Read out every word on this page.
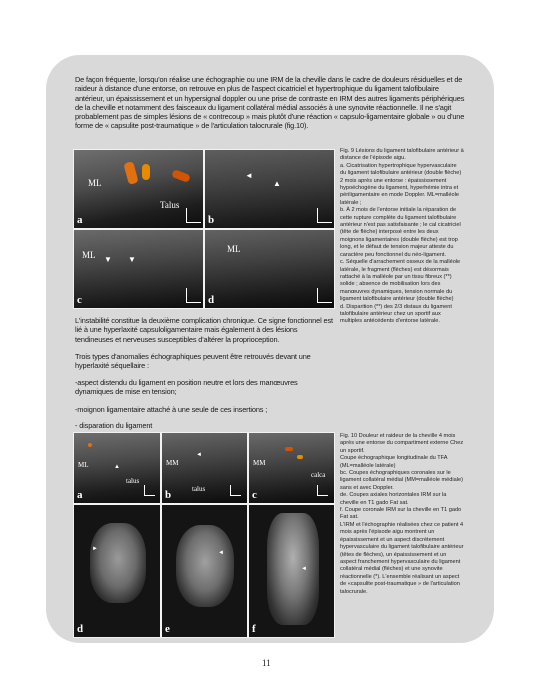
De façon fréquente, lorsqu'on réalise une échographie ou une IRM de la cheville dans le cadre de douleurs résiduelles et de raideur à distance d'une entorse, on retrouve en plus de l'aspect cicatriciel et hypertrophique du ligament talofibulaire antérieur, un épaississement et un hypersignal doppler ou une prise de contraste en IRM des autres ligaments périphériques de la cheville et notamment des faisceaux du ligament collatéral médial associés à une synovite réactionnelle. Il ne s'agit probablement pas de simples lésions de « contrecoup » mais plutôt d'une réaction « capsulo-ligamentaire globale » ou d'une forme de « capsulite post-traumatique » de l'articulation talocrurale (fig.10).

ML
Talus
a
◄
▲
b
ML ▼ ▼
c
ML
d

Fig. 9 Lésions du ligament talofibulaire antérieur à distance de l'épisode aigu.

a. Cicatrisation hypertrophique hypervasculaire du ligament talofibulaire antérieur (double flèche) 2 mois après une entorse : épaississement hypoéchogène du ligament, hyperhémie intra et périligamentaire en mode Doppler. ML=malléole latérale ;

b. À 2 mois de l'entorse initiale la réparation de cette rupture complète du ligament talofibulaire antérieur n'est pas satisfaisante ; le cal cicatriciel (tête de flèche) interposé entre les deux moignons ligamentaires (double flèche) est trop long, et le défaut de tension majeur atteste du caractère peu fonctionnel du néo-ligament.

c. Séquelle d'arrachement osseux de la malléole latérale, le fragment (flèches) est désormais rattaché à la malléole par un tissu fibreux (**) solide ; absence de mobilisation lors des manœuvres dynamiques, tension normale du ligament talofibulaire antérieur (double flèche)

d. Disparition (**) des 2/3 distaux du ligament talofibulaire antérieur chez un sportif aux multiples antécédents d'entorse latérale.

L'instabilité constitue la deuxième complication chronique. Ce signe fonctionnel est lié à une hyperlaxité capsuloligamentaire mais également à des lésions tendineuses et nerveuses susceptibles d'altérer la proprioception.

Trois types d'anomalies échographiques peuvent être retrouvés devant une hyperlaxité séquellaire :

-aspect distendu du ligament en position neutre et lors des manœuvres dynamiques de mise en tension;

-moignon ligamentaire attaché à une seule de ces insertions ;

- disparation du ligament

ML
talus
▲
a
MM
talus
◄
b
MM
calca
c
►
d
◄
e
◄
f

Fig. 10 Douleur et raideur de la cheville 4 mois après une entorse du compartiment externe Chez un sportif.

Coupe échographique longitudinale du TFA (ML=malléole latérale)

bc. Coupes échographiques coronales sur le ligament collatéral médial (MM=malléole médiale) sans et avec Doppler.

de. Coupes axiales horizontales IRM sur la cheville en T1 gado Fat sat.

f. Coupe coronale IRM sur la cheville en T1 gado Fat sat.

L'IRM et l'échographie réalisées chez ce patient 4 mois après l'épisode aigu montrent un épaississement et un aspect discrètement hypervasculaire du ligament talofibulaire antérieur (têtes de flèches), un épaississement et un aspect franchement hypervasculaire du ligament collatéral médial (flèches) et une synovite réactionnelle (*). L'ensemble réalisant un aspect de «capsulite post-traumatique » de l'articulation talocrurale.

11
